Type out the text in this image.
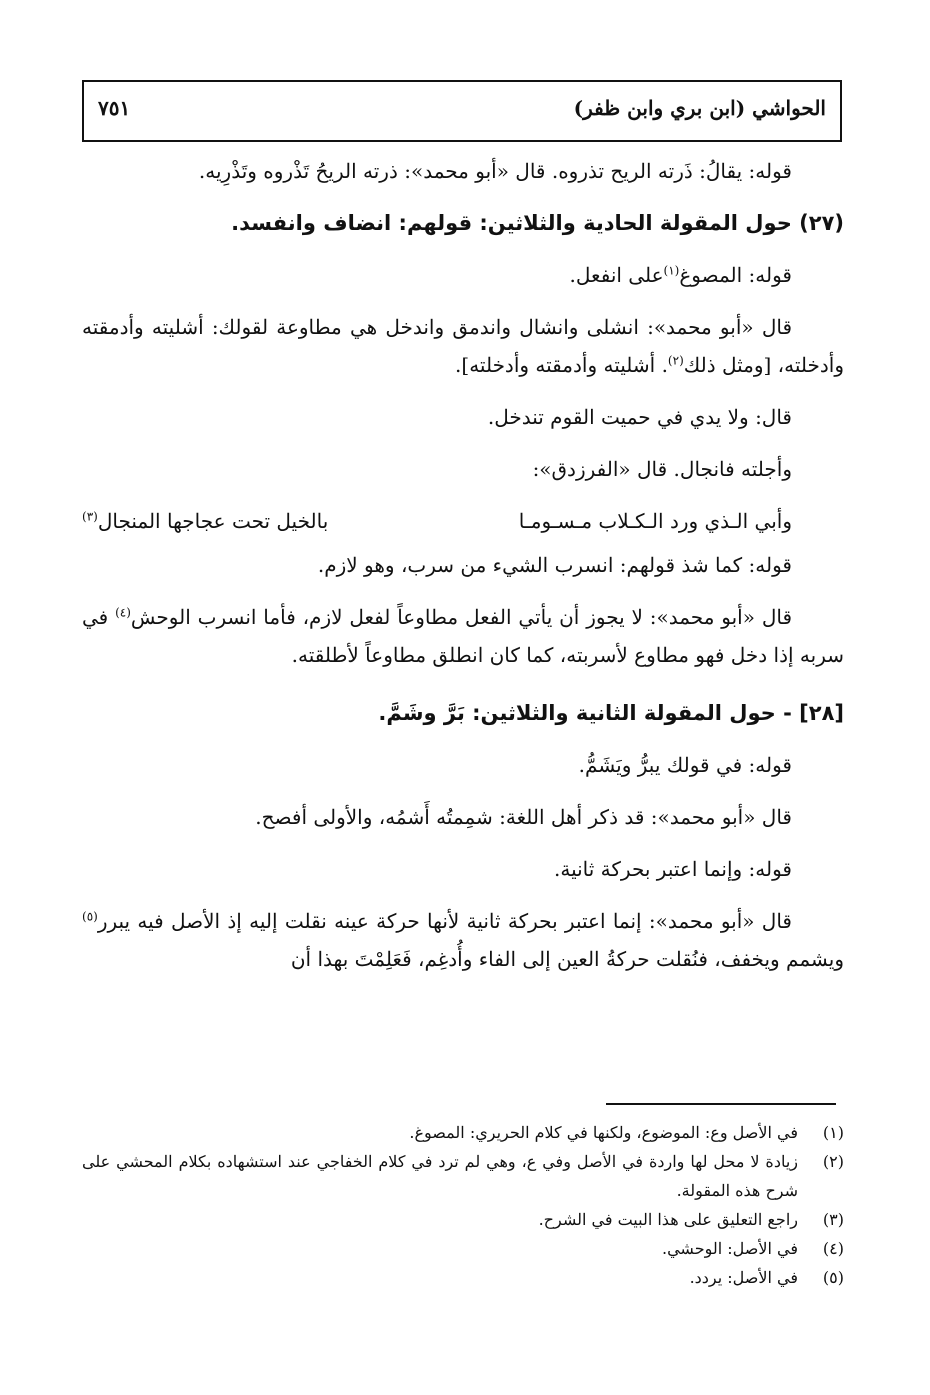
الحواشي (ابن بري وابن ظفر)
٧٥١

قوله: يقالُ: ذَرته الريح تذروه. قال «أبو محمد»: ذرته الريحُ تَذْروه وتَذْرِيه.

(٢٧) حول المقولة الحادية والثلاثين: قولهم: انضاف وانفسد.

قوله: المصوغ$^{(١)}$على انفعل.

قال «أبو محمد»: انشلى وانشال واندمق واندخل هي مطاوعة لقولك: أشليته وأدمقته وأدخلته، [ومثل ذلك$^{(٢)}$. أشليته وأدمقته وأدخلته].

قال: ولا يدي في حميت القوم تندخل.

وأجلته فانجال. قال «الفرزدق»:

وأبي الـذي ورد الـكـلاب مـسـومـا
بالخيل تحت عجاجها المنجال$^{(٣)}$

قوله: كما شذ قولهم: انسرب الشيء من سرب، وهو لازم.

قال «أبو محمد»: لا يجوز أن يأتي الفعل مطاوعاً لفعل لازم، فأما انسرب الوحش$^{(٤)}$ في سربه إذا دخل فهو مطاوع لأسربته، كما كان انطلق مطاوعاً لأطلقته.

[٢٨] - حول المقولة الثانية والثلاثين: بَرَّ وشَمَّ.

قوله: في قولك يبرُّ ويَشَمُّ.

قال «أبو محمد»: قد ذكر أهل اللغة: شمِمتُه أَشمُه، والأولى أفصح.

قوله: وإنما اعتبر بحركة ثانية.

قال «أبو محمد»: إنما اعتبر بحركة ثانية لأنها حركة عينه نقلت إليه إذ الأصل فيه يبرر$^{(٥)}$ ويشمم ويخفف، فنُقلت حركةُ العين إلى الفاء وأُدغِم، فَعَلِمْتَ بهذا أن

(١)
في الأصل وع: الموضوع، ولكنها في كلام الحريري: المصوغ.
(٢)
زيادة لا محل لها واردة في الأصل وفي ع، وهي لم ترد في كلام الخفاجي عند استشهاده بكلام المحشي على شرح هذه المقولة.
(٣)
راجع التعليق على هذا البيت في الشرح.
(٤)
في الأصل: الوحشي.
(٥)
في الأصل: يردد.
